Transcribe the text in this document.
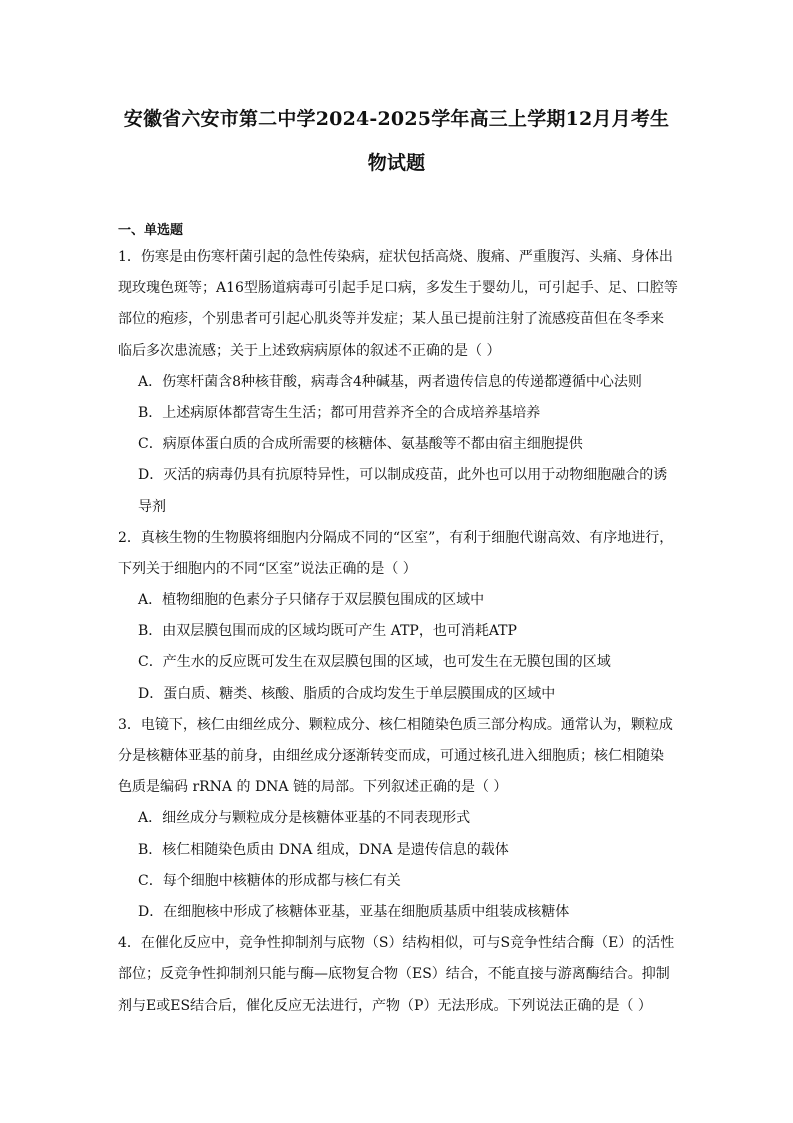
安徽省六安市第二中学2024-2025学年高三上学期12月月考生
物试题
一、单选题
1．伤寒是由伤寒杆菌引起的急性传染病，症状包括高烧、腹痛、严重腹泻、头痛、身体出
现玫瑰色斑等；A16型肠道病毒可引起手足口病，多发生于婴幼儿，可引起手、足、口腔等
部位的疱疹，个别患者可引起心肌炎等并发症；某人虽已提前注射了流感疫苗但在冬季来
临后多次患流感；关于上述致病病原体的叙述不正确的是（ ）
A．伤寒杆菌含8种核苷酸，病毒含4种碱基，两者遗传信息的传递都遵循中心法则
B．上述病原体都营寄生生活；都可用营养齐全的合成培养基培养
C．病原体蛋白质的合成所需要的核糖体、氨基酸等不都由宿主细胞提供
D．灭活的病毒仍具有抗原特异性，可以制成疫苗，此外也可以用于动物细胞融合的诱
导剂
2．真核生物的生物膜将细胞内分隔成不同的“区室”，有利于细胞代谢高效、有序地进行，
下列关于细胞内的不同“区室”说法正确的是（ ）
A．植物细胞的色素分子只储存于双层膜包围成的区域中
B．由双层膜包围而成的区域均既可产生 ATP，也可消耗ATP
C．产生水的反应既可发生在双层膜包围的区域，也可发生在无膜包围的区域
D．蛋白质、糖类、核酸、脂质的合成均发生于单层膜围成的区域中
3．电镜下，核仁由细丝成分、颗粒成分、核仁相随染色质三部分构成。通常认为，颗粒成
分是核糖体亚基的前身，由细丝成分逐渐转变而成，可通过核孔进入细胞质；核仁相随染
色质是编码 rRNA 的 DNA 链的局部。下列叙述正确的是（ ）
A．细丝成分与颗粒成分是核糖体亚基的不同表现形式
B．核仁相随染色质由 DNA 组成，DNA 是遗传信息的载体
C．每个细胞中核糖体的形成都与核仁有关
D．在细胞核中形成了核糖体亚基，亚基在细胞质基质中组装成核糖体
4．在催化反应中，竞争性抑制剂与底物（S）结构相似，可与S竞争性结合酶（E）的活性
部位；反竞争性抑制剂只能与酶—底物复合物（ES）结合，不能直接与游离酶结合。抑制
剂与E或ES结合后，催化反应无法进行，产物（P）无法形成。下列说法正确的是（ ）
